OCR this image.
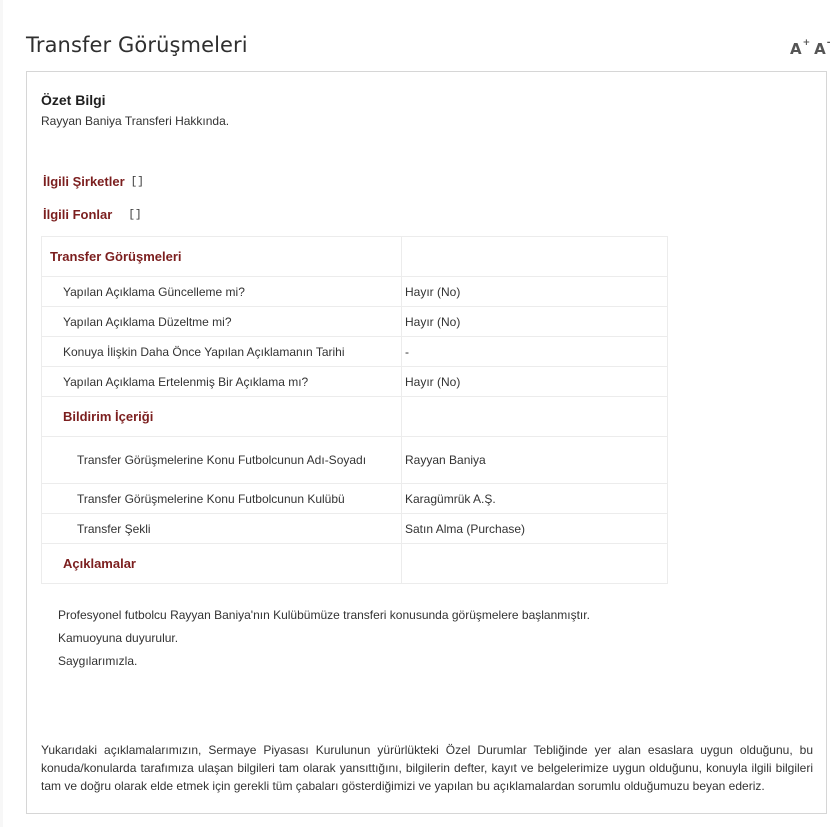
Transfer Görüşmeleri	A+ A-
Özet Bilgi
Rayyan Baniya Transferi Hakkında.
İlgili Şirketler []
İlgili Fonlar []
Transfer Görüşmeleri	
Yapılan Açıklama Güncelleme mi?	Hayır (No)
Yapılan Açıklama Düzeltme mi?	Hayır (No)
Konuya İlişkin Daha Önce Yapılan Açıklamanın Tarihi	-
Yapılan Açıklama Ertelenmiş Bir Açıklama mı?	Hayır (No)
Bildirim İçeriği	
Transfer Görüşmelerine Konu Futbolcunun Adı-Soyadı	Rayyan Baniya
Transfer Görüşmelerine Konu Futbolcunun Kulübü	Karagümrük A.Ş.
Transfer Şekli	Satın Alma (Purchase)
Açıklamalar	

Profesyonel futbolcu Rayyan Baniya'nın Kulübümüze transferi konusunda görüşmelere başlanmıştır.

Kamuoyuna duyurulur.

Saygılarımızla.

Yukarıdaki açıklamalarımızın, Sermaye Piyasası Kurulunun yürürlükteki Özel Durumlar Tebliğinde yer alan esaslara uygun olduğunu, bu konuda/konularda tarafımıza ulaşan bilgileri tam olarak yansıttığını, bilgilerin defter, kayıt ve belgelerimize uygun olduğunu, konuyla ilgili bilgileri tam ve doğru olarak elde etmek için gerekli tüm çabaları gösterdiğimizi ve yapılan bu açıklamalardan sorumlu olduğumuzu beyan ederiz.
